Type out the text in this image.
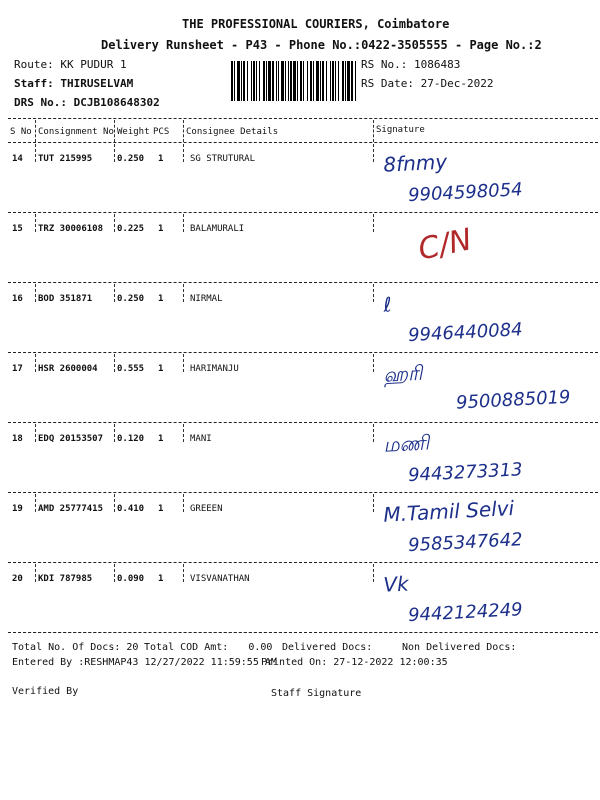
THE PROFESSIONAL COURIERS, Coimbatore
Delivery Runsheet - P43 - Phone No.:0422-3505555 - Page No.:2
Route: KK PUDUR 1
Staff: THIRUSELVAM
DRS No.: DCJB108648302
RS No.: 1086483
RS Date: 27-Dec-2022
S No Consignment No Weight PCS Consignee Details	Signature
14 TUT 215995	0.250 1	SG STRUTURAL	8fnmy
9904598054
15 TRZ 30006108 0.225 1	BALAMURALI	C/N
16 BOD 351871	0.250 1	NIRMAL	ℓ
9946440084
17 HSR 2600004 0.555 1	HARIMANJU	ஹரி
9500885019
18 EDQ 20153507 0.120 1	MANI	மணி
9443273313
19 AMD 25777415 0.410 1	GREEEN	M.Tamil Selvi
9585347642
20 KDI 787985	0.090 1	VISVANATHAN	Vk
9442124249
Total No. Of Docs: 20 Total COD Amt: 0.00 Delivered Docs:	Non Delivered Docs:
Entered By :RESHMAP43 12/27/2022 11:59:55 AM
Printed On: 27-12-2022 12:00:35
Verified By	Staff Signature
